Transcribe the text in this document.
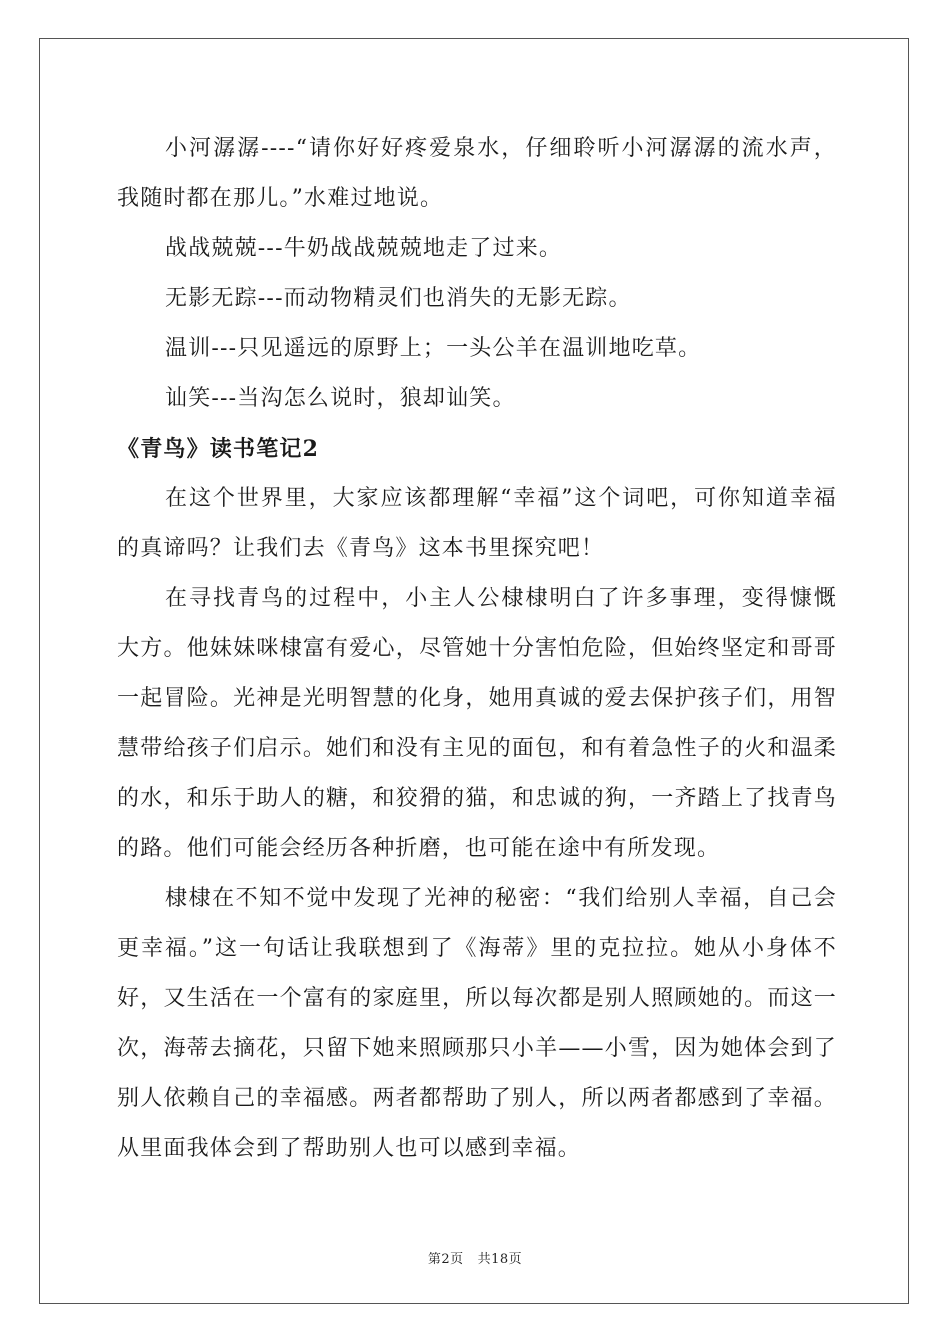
小河潺潺----“请你好好疼爱泉水，仔细聆听小河潺潺的流水声，我随时都在那儿。”水难过地说。

战战兢兢---牛奶战战兢兢地走了过来。

无影无踪---而动物精灵们也消失的无影无踪。

温训---只见遥远的原野上；一头公羊在温训地吃草。

讪笑---当沟怎么说时，狼却讪笑。

《青鸟》读书笔记2

在这个世界里，大家应该都理解“幸福”这个词吧，可你知道幸福的真谛吗？让我们去《青鸟》这本书里探究吧！

在寻找青鸟的过程中，小主人公棣棣明白了许多事理，变得慷慨大方。他妹妹咪棣富有爱心，尽管她十分害怕危险，但始终坚定和哥哥一起冒险。光神是光明智慧的化身，她用真诚的爱去保护孩子们，用智慧带给孩子们启示。她们和没有主见的面包，和有着急性子的火和温柔的水，和乐于助人的糖，和狡猾的猫，和忠诚的狗，一齐踏上了找青鸟的路。他们可能会经历各种折磨，也可能在途中有所发现。

棣棣在不知不觉中发现了光神的秘密：“我们给别人幸福，自己会更幸福。”这一句话让我联想到了《海蒂》里的克拉拉。她从小身体不好，又生活在一个富有的家庭里，所以每次都是别人照顾她的。而这一次，海蒂去摘花，只留下她来照顾那只小羊——小雪，因为她体会到了别人依赖自己的幸福感。两者都帮助了别人，所以两者都感到了幸福。从里面我体会到了帮助别人也可以感到幸福。

第2页 共18页
